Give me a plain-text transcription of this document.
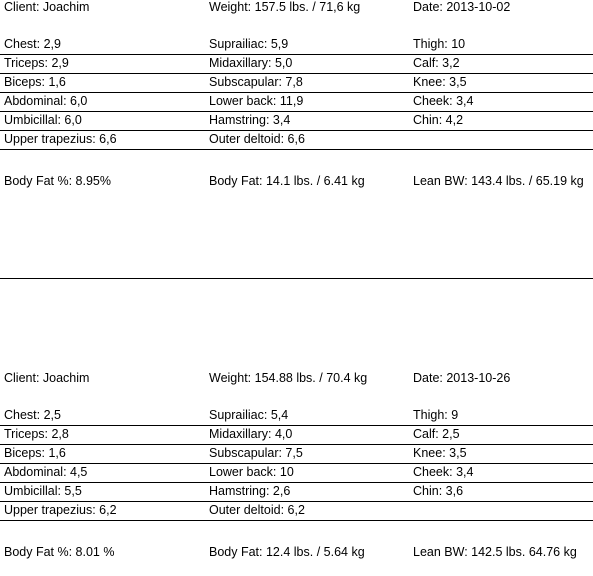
Client: Joachim	Weight: 157.5 lbs. / 71,6 kg	Date: 2013-10-02
Chest: 2,9	Suprailiac: 5,9	Thigh: 10
Triceps: 2,9	Midaxillary: 5,0	Calf: 3,2
Biceps: 1,6	Subscapular: 7,8	Knee: 3,5
Abdominal: 6,0	Lower back: 11,9	Cheek: 3,4
Umbicillal: 6,0	Hamstring: 3,4	Chin: 4,2
Upper trapezius: 6,6	Outer deltoid: 6,6
Body Fat %: 8.95%	Body Fat: 14.1 lbs. / 6.41 kg	Lean BW: 143.4 lbs. / 65.19 kg
Client: Joachim	Weight: 154.88 lbs. / 70.4 kg	Date: 2013-10-26
Chest: 2,5	Suprailiac: 5,4	Thigh: 9
Triceps: 2,8	Midaxillary: 4,0	Calf: 2,5
Biceps: 1,6	Subscapular: 7,5	Knee: 3,5
Abdominal: 4,5	Lower back: 10	Cheek: 3,4
Umbicillal: 5,5	Hamstring: 2,6	Chin: 3,6
Upper trapezius: 6,2	Outer deltoid: 6,2
Body Fat %: 8.01 %	Body Fat: 12.4 lbs. / 5.64 kg	Lean BW: 142.5 lbs. 64.76 kg
